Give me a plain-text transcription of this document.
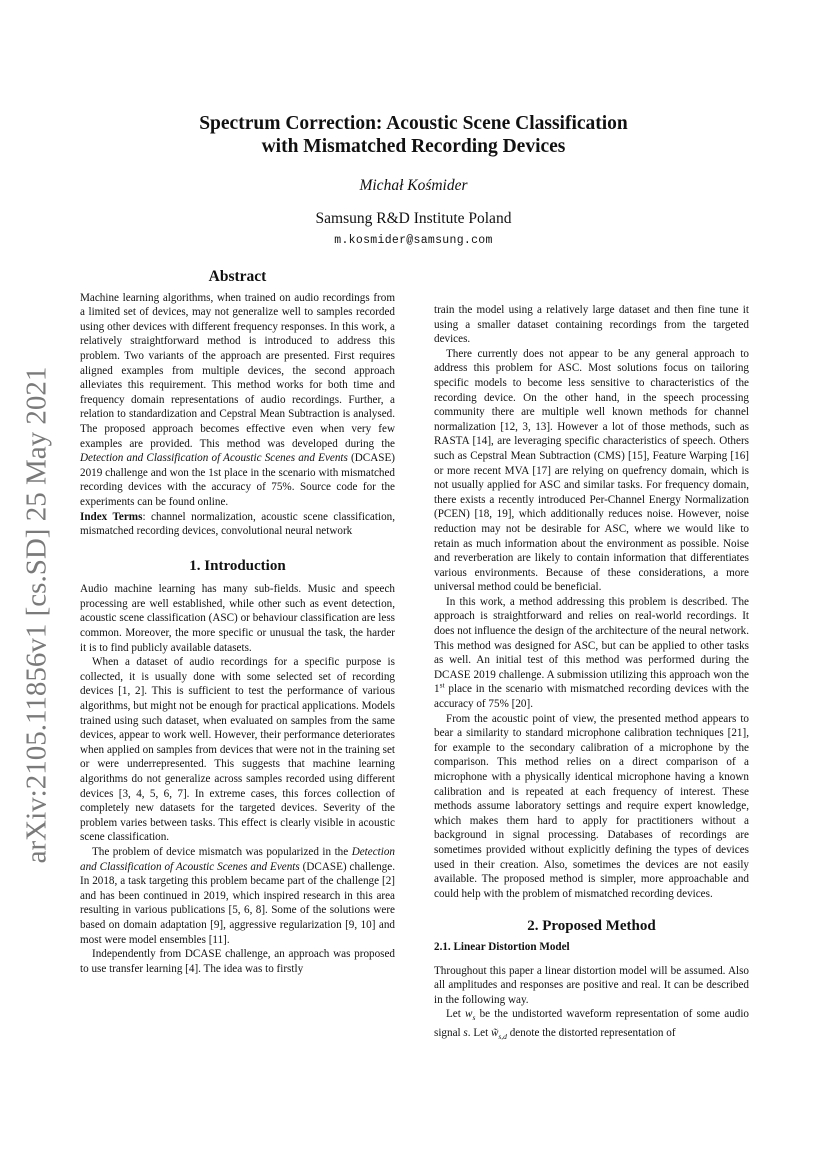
arXiv:2105.11856v1 [cs.SD] 25 May 2021
Spectrum Correction: Acoustic Scene Classification
with Mismatched Recording Devices
Michał Kośmider
Samsung R&D Institute Poland
m.kosmider@samsung.com

Abstract

Machine learning algorithms, when trained on audio recordings from a limited set of devices, may not generalize well to samples recorded using other devices with different frequency responses. In this work, a relatively straightforward method is introduced to address this problem. Two variants of the approach are presented. First requires aligned examples from multiple devices, the second approach alleviates this requirement. This method works for both time and frequency domain representations of audio recordings. Further, a relation to standardization and Cepstral Mean Subtraction is analysed. The proposed approach becomes effective even when very few examples are provided. This method was developed during the Detection and Classification of Acoustic Scenes and Events (DCASE) 2019 challenge and won the 1st place in the scenario with mismatched recording devices with the accuracy of 75%. Source code for the experiments can be found online.

Index Terms: channel normalization, acoustic scene classification, mismatched recording devices, convolutional neural network

1. Introduction

Audio machine learning has many sub-fields. Music and speech processing are well established, while other such as event detection, acoustic scene classification (ASC) or behaviour classification are less common. Moreover, the more specific or unusual the task, the harder it is to find publicly available datasets.

When a dataset of audio recordings for a specific purpose is collected, it is usually done with some selected set of recording devices [1, 2]. This is sufficient to test the performance of various algorithms, but might not be enough for practical applications. Models trained using such dataset, when evaluated on samples from the same devices, appear to work well. However, their performance deteriorates when applied on samples from devices that were not in the training set or were underrepresented. This suggests that machine learning algorithms do not generalize across samples recorded using different devices [3, 4, 5, 6, 7]. In extreme cases, this forces collection of completely new datasets for the targeted devices. Severity of the problem varies between tasks. This effect is clearly visible in acoustic scene classification.

The problem of device mismatch was popularized in the Detection and Classification of Acoustic Scenes and Events (DCASE) challenge. In 2018, a task targeting this problem became part of the challenge [2] and has been continued in 2019, which inspired research in this area resulting in various publications [5, 6, 8]. Some of the solutions were based on domain adaptation [9], aggressive regularization [9, 10] and most were model ensembles [11].

Independently from DCASE challenge, an approach was proposed to use transfer learning [4]. The idea was to firstly

train the model using a relatively large dataset and then fine tune it using a smaller dataset containing recordings from the targeted devices.

There currently does not appear to be any general approach to address this problem for ASC. Most solutions focus on tailoring specific models to become less sensitive to characteristics of the recording device. On the other hand, in the speech processing community there are multiple well known methods for channel normalization [12, 3, 13]. However a lot of those methods, such as RASTA [14], are leveraging specific characteristics of speech. Others such as Cepstral Mean Subtraction (CMS) [15], Feature Warping [16] or more recent MVA [17] are relying on quefrency domain, which is not usually applied for ASC and similar tasks. For frequency domain, there exists a recently introduced Per-Channel Energy Normalization (PCEN) [18, 19], which additionally reduces noise. However, noise reduction may not be desirable for ASC, where we would like to retain as much information about the environment as possible. Noise and reverberation are likely to contain information that differentiates various environments. Because of these considerations, a more universal method could be beneficial.

In this work, a method addressing this problem is described. The approach is straightforward and relies on real-world recordings. It does not influence the design of the architecture of the neural network. This method was designed for ASC, but can be applied to other tasks as well. An initial test of this method was performed during the DCASE 2019 challenge. A submission utilizing this approach won the 1st place in the scenario with mismatched recording devices with the accuracy of 75% [20].

From the acoustic point of view, the presented method appears to bear a similarity to standard microphone calibration techniques [21], for example to the secondary calibration of a microphone by the comparison. This method relies on a direct comparison of a microphone with a physically identical microphone having a known calibration and is repeated at each frequency of interest. These methods assume laboratory settings and require expert knowledge, which makes them hard to apply for practitioners without a background in signal processing. Databases of recordings are sometimes provided without explicitly defining the types of devices used in their creation. Also, sometimes the devices are not easily available. The proposed method is simpler, more approachable and could help with the problem of mismatched recording devices.

2. Proposed Method

2.1. Linear Distortion Model

Throughout this paper a linear distortion model will be assumed. Also all amplitudes and responses are positive and real. It can be described in the following way.

Let $w_s$ be the undistorted waveform representation of some audio signal s. Let $w̃_{s,d}$ denote the distorted representation of
